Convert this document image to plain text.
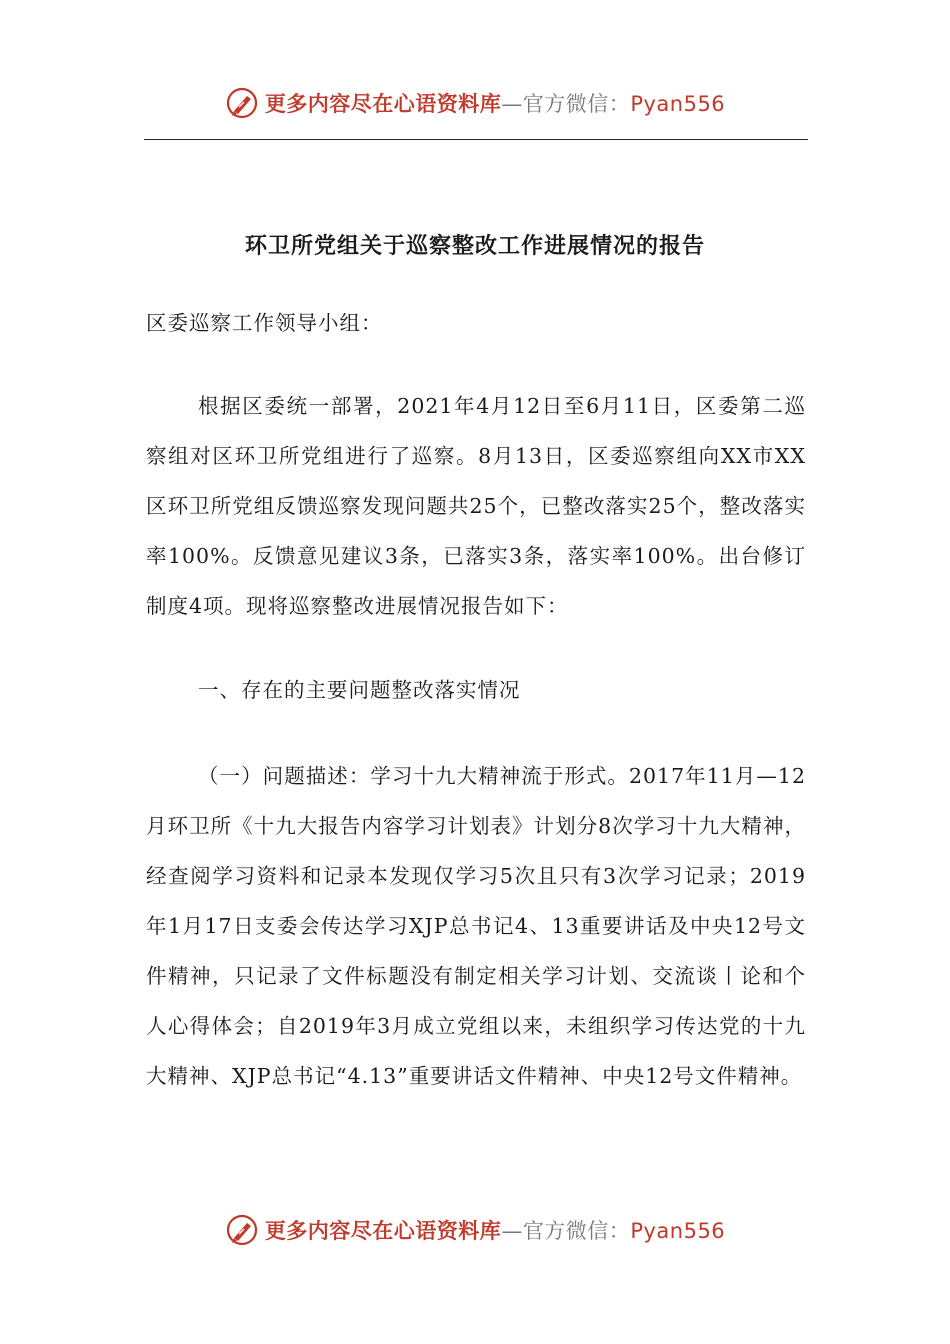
更多内容尽在心语资料库—官方微信：Pyan556
环卫所党组关于巡察整改工作进展情况的报告

区委巡察工作领导小组：

根据区委统一部署，2021年4月12日至6月11日，区委第二巡察组对区环卫所党组进行了巡察。8月13日，区委巡察组向XX市XX区环卫所党组反馈巡察发现问题共25个，已整改落实25个，整改落实率100%。反馈意见建议3条，已落实3条，落实率100%。出台修订制度4项。现将巡察整改进展情况报告如下：

一、存在的主要问题整改落实情况

（一）问题描述：学习十九大精神流于形式。2017年11月—12月环卫所《十九大报告内容学习计划表》计划分8次学习十九大精神，经查阅学习资料和记录本发现仅学习5次且只有3次学习记录；2019年1月17日支委会传达学习XJP总书记4、13重要讲话及中央12号文件精神，只记录了文件标题没有制定相关学习计划、交流谈丨论和个人心得体会；自2019年3月成立党组以来，未组织学习传达党的十九大精神、XJP总书记“4.13”重要讲话文件精神、中央12号文件精神。

更多内容尽在心语资料库—官方微信：Pyan556
